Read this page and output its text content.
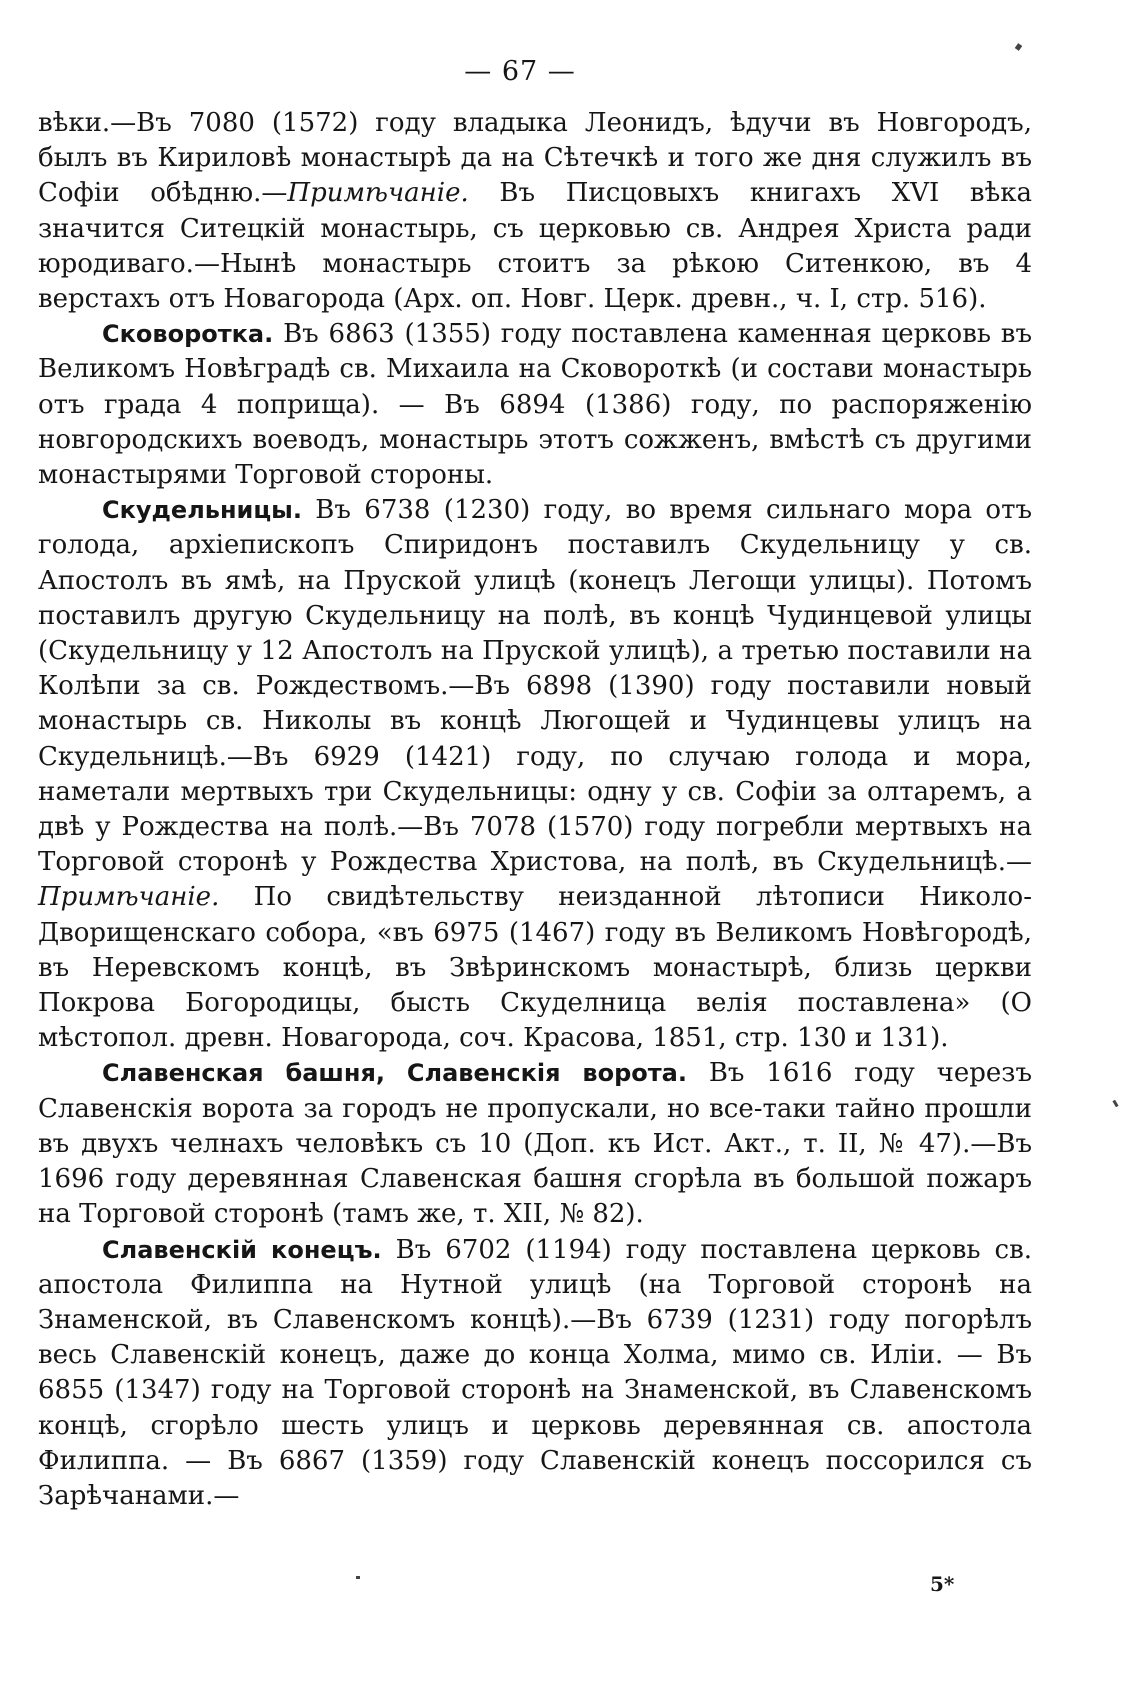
— 67 —

вѣки.—Въ 7080 (1572) году владыка Леонидъ, ѣдучи въ Новгородъ, былъ въ Кириловѣ монастырѣ да на Сѣтечкѣ и того же дня служилъ въ Софіи обѣдню.—Примѣчаніе. Въ Писцовыхъ книгахъ XVI вѣка значится Ситецкій монастырь, съ церковью св. Андрея Христа ради юродиваго.—Нынѣ монастырь стоитъ за рѣкою Ситенкою, въ 4 верстахъ отъ Новагорода (Арх. оп. Новг. Церк. древн., ч. I, стр. 516).

Сковоротка. Въ 6863 (1355) году поставлена каменная церковь въ Великомъ Новѣградѣ св. Михаила на Сковороткѣ (и состави монастырь отъ града 4 поприща). — Въ 6894 (1386) году, по распоряженію новгородскихъ воеводъ, монастырь этотъ сожженъ, вмѣстѣ съ другими монастырями Торговой стороны.

Скудельницы. Въ 6738 (1230) году, во время сильнаго мора отъ голода, архіепископъ Спиридонъ поставилъ Скудельницу у св. Апостолъ въ ямѣ, на Пруской улицѣ (конецъ Легощи улицы). Потомъ поставилъ другую Скудельницу на полѣ, въ концѣ Чудинцевой улицы (Скудельницу у 12 Апостолъ на Пруской улицѣ), а третью поставили на Колѣпи за св. Рождествомъ.—Въ 6898 (1390) году поставили новый монастырь св. Николы въ концѣ Люгощей и Чудинцевы улицъ на Скудельницѣ.—Въ 6929 (1421) году, по случаю голода и мора, наметали мертвыхъ три Скудельницы: одну у св. Софіи за олтаремъ, а двѣ у Рождества на полѣ.—Въ 7078 (1570) году погребли мертвыхъ на Торговой сторонѣ у Рождества Христова, на полѣ, въ Скудельницѣ.—Примѣчаніе. По свидѣтельству неизданной лѣтописи Николо-Дворищенскаго собора, «въ 6975 (1467) году въ Великомъ Новѣгородѣ, въ Неревскомъ концѣ, въ Звѣринскомъ монастырѣ, близь церкви Покрова Богородицы, бысть Скуделница велія поставлена» (О мѣстопол. древн. Новагорода, соч. Красова, 1851, стр. 130 и 131).

Славенская башня, Славенскія ворота. Въ 1616 году черезъ Славенскія ворота за городъ не пропускали, но все-таки тайно прошли въ двухъ челнахъ человѣкъ съ 10 (Доп. къ Ист. Акт., т. II, № 47).—Въ 1696 году деревянная Славенская башня сгорѣла въ большой пожаръ на Торговой сторонѣ (тамъ же, т. XII, № 82).

Славенскій конецъ. Въ 6702 (1194) году поставлена церковь св. апостола Филиппа на Нутной улицѣ (на Торговой сторонѣ на Знаменской, въ Славенскомъ концѣ).—Въ 6739 (1231) году погорѣлъ весь Славенскій конецъ, даже до конца Холма, мимо св. Иліи. — Въ 6855 (1347) году на Торговой сторонѣ на Знаменской, въ Славенскомъ концѣ, сгорѣло шесть улицъ и церковь деревянная св. апостола Филиппа. — Въ 6867 (1359) году Славенскій конецъ поссорился съ Зарѣчанами.—

5*
